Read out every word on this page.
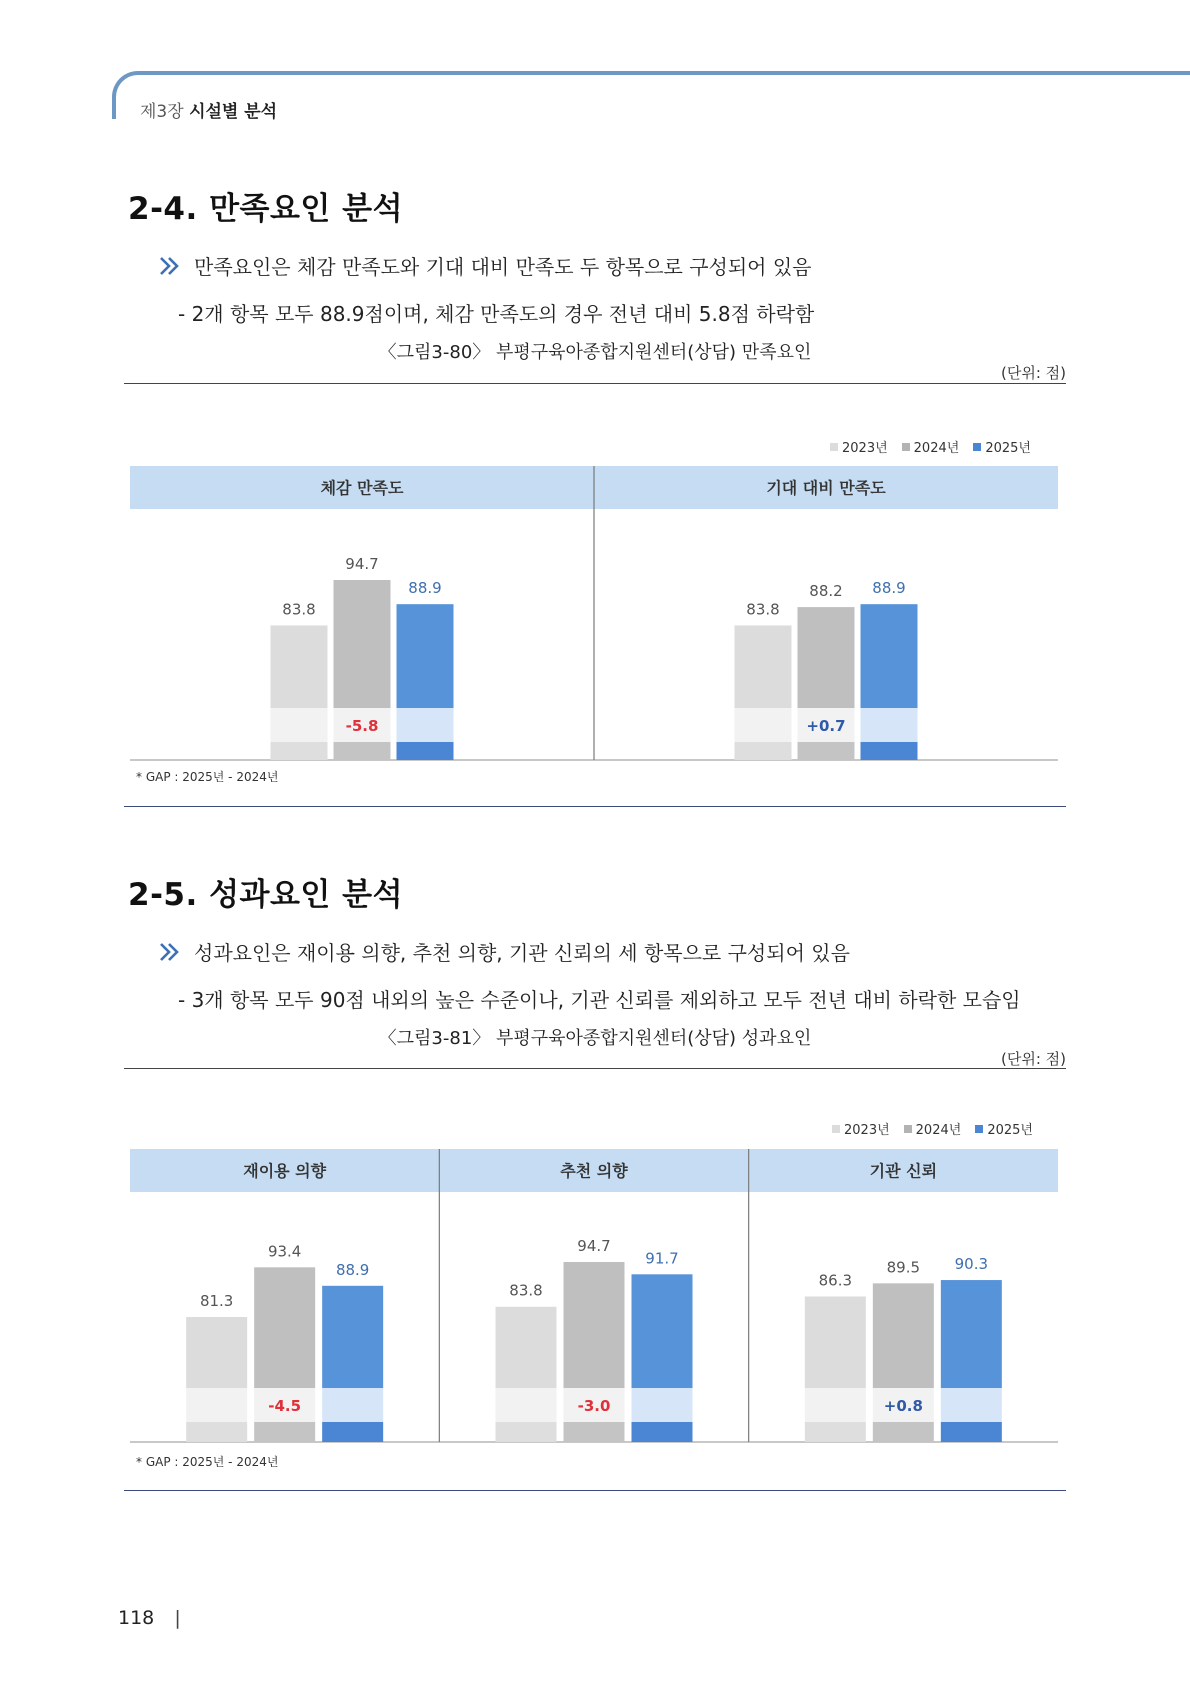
제3장 시설별 분석
2-4. 만족요인 분석
만족요인은 체감 만족도와 기대 대비 만족도 두 항목으로 구성되어 있음
- 2개 항목 모두 88.9점이며, 체감 만족도의 경우 전년 대비 5.8점 하락함
〈그림3-80〉 부평구육아종합지원센터(상담) 만족요인
(단위: 점)
2023년 2024년 2025년
체감 만족도
83.8
94.7
88.9
-5.8
기대 대비 만족도
83.8
88.2 88.9
+0.7
* GAP : 2025년 - 2024년
2-5. 성과요인 분석
성과요인은 재이용 의향, 추천 의향, 기관 신뢰의 세 항목으로 구성되어 있음
- 3개 항목 모두 90점 내외의 높은 수준이나, 기관 신뢰를 제외하고 모두 전년 대비 하락한 모습임
〈그림3-81〉 부평구육아종합지원센터(상담) 성과요인
(단위: 점)
2023년 2024년 2025년
재이용 의향
81.3
93.4
88.9
-4.5
추천 의향
83.8
94.7
91.7
-3.0
기관 신뢰
86.3
89.5 90.3
+0.8
* GAP : 2025년 - 2024년
118 |
